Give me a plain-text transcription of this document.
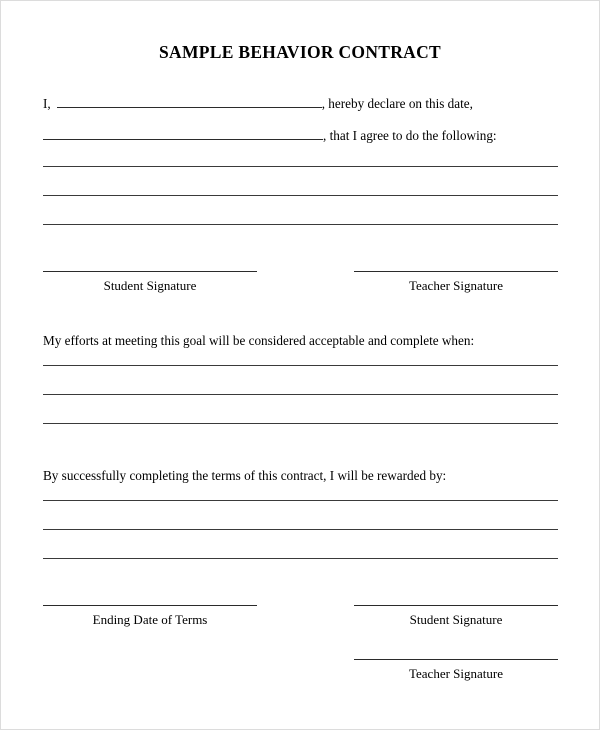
SAMPLE BEHAVIOR CONTRACT
I,	, hereby declare on this date,
, that I agree to do the following:
Student Signature	Teacher Signature
My efforts at meeting this goal will be considered acceptable and complete when:
By successfully completing the terms of this contract, I will be rewarded by:
Ending Date of Terms	Student Signature
Teacher Signature
